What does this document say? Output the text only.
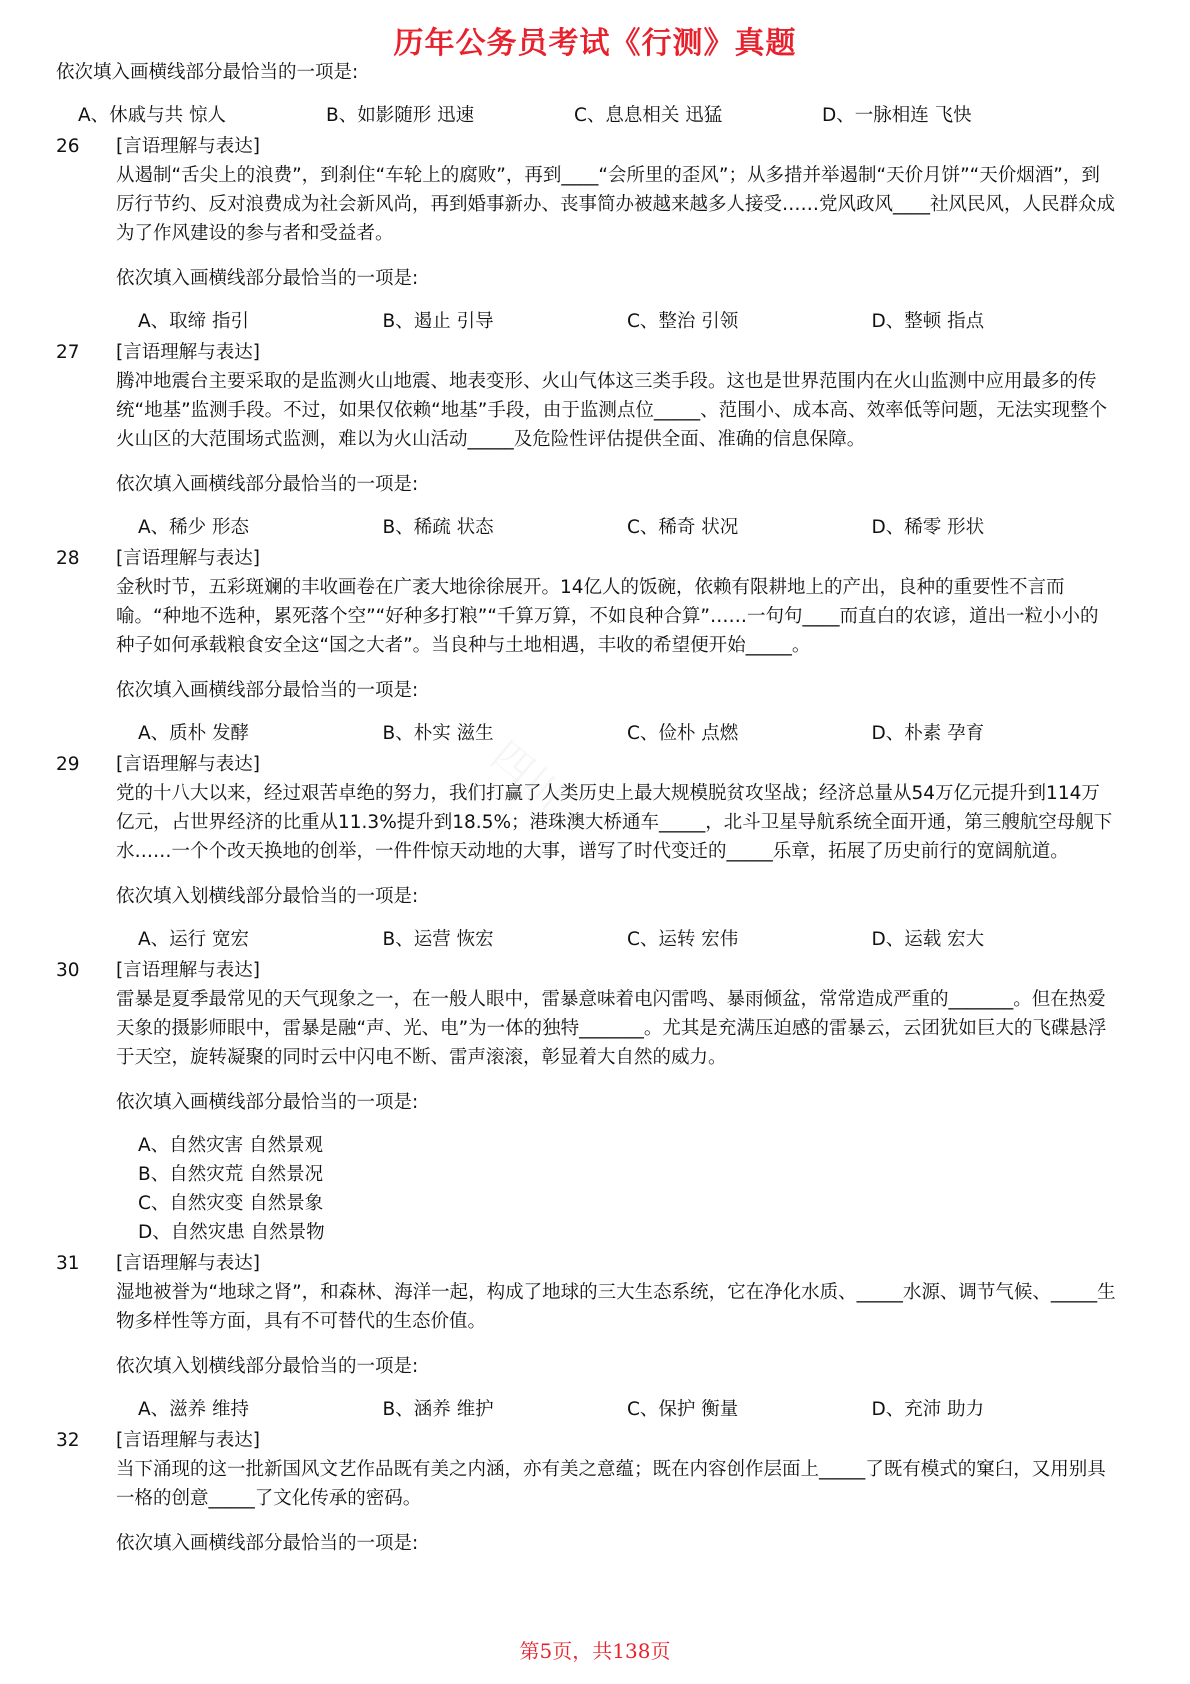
历年公务员考试《行测》真题

依次填入画横线部分最恰当的一项是:

A、休戚与共 惊人	B、如影随形 迅速	C、息息相关 迅猛	D、一脉相连 飞快
26	[言语理解与表达]

从遏制“舌尖上的浪费”，到刹住“车轮上的腐败”，再到____“会所里的歪风”；从多措并举遏制“天价月饼”“天价烟酒”，到厉行节约、反对浪费成为社会新风尚，再到婚事新办、丧事简办被越来越多人接受……党风政风____社风民风，人民群众成为了作风建设的参与者和受益者。

依次填入画横线部分最恰当的一项是:

A、取缔 指引	B、遏止 引导	C、整治 引领	D、整顿 指点
27	[言语理解与表达]

腾冲地震台主要采取的是监测火山地震、地表变形、火山气体这三类手段。这也是世界范围内在火山监测中应用最多的传统“地基”监测手段。不过，如果仅依赖“地基”手段，由于监测点位_____、范围小、成本高、效率低等问题，无法实现整个火山区的大范围场式监测，难以为火山活动_____及危险性评估提供全面、准确的信息保障。

依次填入画横线部分最恰当的一项是:

A、稀少 形态	B、稀疏 状态	C、稀奇 状况	D、稀零 形状
28	[言语理解与表达]

金秋时节，五彩斑斓的丰收画卷在广袤大地徐徐展开。14亿人的饭碗，依赖有限耕地上的产出，良种的重要性不言而喻。“种地不选种，累死落个空”“好种多打粮”“千算万算，不如良种合算”……一句句____而直白的农谚，道出一粒小小的种子如何承载粮食安全这“国之大者”。当良种与土地相遇，丰收的希望便开始_____。

依次填入画横线部分最恰当的一项是:

A、质朴 发酵	B、朴实 滋生	C、俭朴 点燃	D、朴素 孕育
29	[言语理解与表达]

党的十八大以来，经过艰苦卓绝的努力，我们打赢了人类历史上最大规模脱贫攻坚战；经济总量从54万亿元提升到114万亿元，占世界经济的比重从11.3%提升到18.5%；港珠澳大桥通车_____，北斗卫星导航系统全面开通，第三艘航空母舰下水……一个个改天换地的创举，一件件惊天动地的大事，谱写了时代变迁的_____乐章，拓展了历史前行的宽阔航道。

依次填入划横线部分最恰当的一项是:

A、运行 宽宏	B、运营 恢宏	C、运转 宏伟	D、运载 宏大
30	[言语理解与表达]

雷暴是夏季最常见的天气现象之一，在一般人眼中，雷暴意味着电闪雷鸣、暴雨倾盆，常常造成严重的_______。但在热爱天象的摄影师眼中，雷暴是融“声、光、电”为一体的独特_______。尤其是充满压迫感的雷暴云，云团犹如巨大的飞碟悬浮于天空，旋转凝聚的同时云中闪电不断、雷声滚滚，彰显着大自然的威力。

依次填入画横线部分最恰当的一项是:

A、自然灾害 自然景观
B、自然灾荒 自然景况
C、自然灾变 自然景象
D、自然灾患 自然景物
31	[言语理解与表达]

湿地被誉为“地球之肾”，和森林、海洋一起，构成了地球的三大生态系统，它在净化水质、_____水源、调节气候、_____生物多样性等方面，具有不可替代的生态价值。

依次填入划横线部分最恰当的一项是:

A、滋养 维持	B、涵养 维护	C、保护 衡量	D、充沛 助力
32	[言语理解与表达]

当下涌现的这一批新国风文艺作品既有美之内涵，亦有美之意蕴；既在内容创作层面上_____了既有模式的窠臼，又用别具一格的创意_____了文化传承的密码。

依次填入画横线部分最恰当的一项是:

第5页，共138页
